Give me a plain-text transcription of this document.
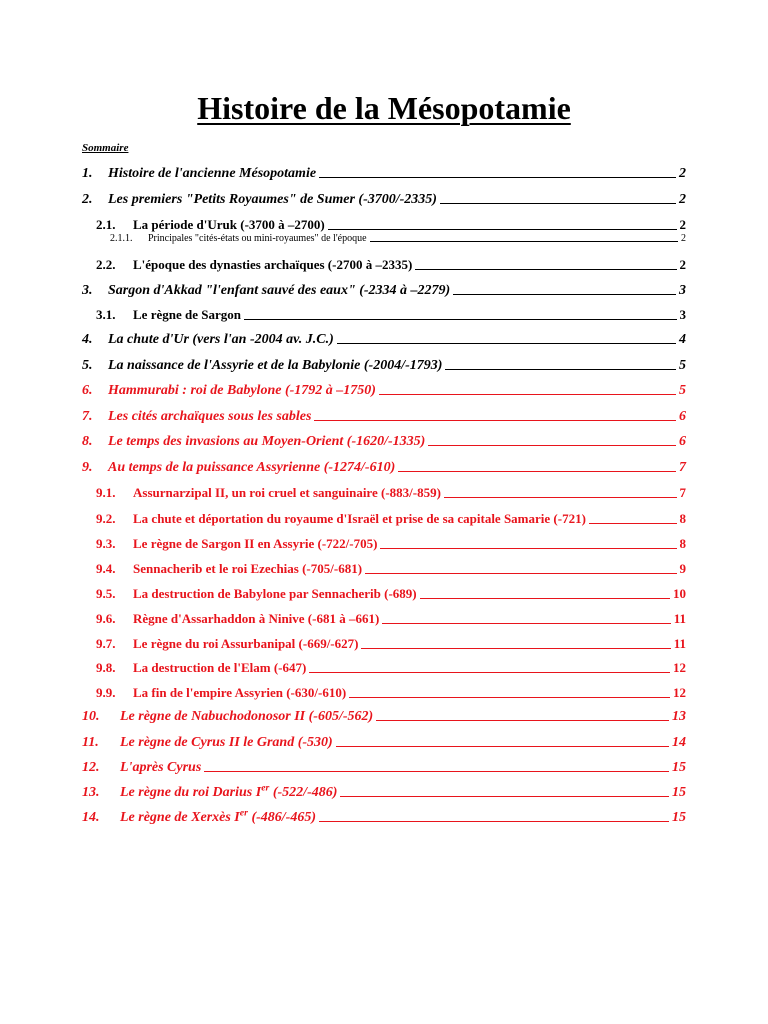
Histoire de la Mésopotamie
Sommaire
1.	Histoire de l'ancienne Mésopotamie	2
2.	Les premiers "Petits Royaumes" de Sumer (-3700/-2335)	2
2.1.	La période d'Uruk (-3700 à –2700)	2
2.1.1.	Principales "cités-états ou mini-royaumes" de l'époque	2
2.2.	L'époque des dynasties archaïques (-2700 à –2335)	2
3.	Sargon d'Akkad "l'enfant sauvé des eaux" (-2334 à –2279)	3
3.1.	Le règne de Sargon	3
4.	La chute d'Ur (vers l'an -2004 av. J.C.)	4
5.	La naissance de l'Assyrie et de la Babylonie (-2004/-1793)	5
6.	Hammurabi : roi de Babylone (-1792 à –1750)	5
7.	Les cités archaïques sous les sables	6
8.	Le temps des invasions au Moyen-Orient (-1620/-1335)	6
9.	Au temps de la puissance Assyrienne (-1274/-610)	7
9.1.	Assurnarzipal II, un roi cruel et sanguinaire (-883/-859)	7
9.2.	La chute et déportation du royaume d'Israël et prise de sa capitale Samarie (-721)	8
9.3.	Le règne de Sargon II en Assyrie (-722/-705)	8
9.4.	Sennacherib et le roi Ezechias (-705/-681)	9
9.5.	La destruction de Babylone par Sennacherib (-689)	10
9.6.	Règne d'Assarhaddon à Ninive (-681 à –661)	11
9.7.	Le règne du roi Assurbanipal (-669/-627)	11
9.8.	La destruction de l'Elam (-647)	12
9.9.	La fin de l'empire Assyrien (-630/-610)	12
10.	Le règne de Nabuchodonosor II (-605/-562)	13
11.	Le règne de Cyrus II le Grand (-530)	14
12.	L'après Cyrus	15
13.	Le règne du roi Darius Ier (-522/-486)	15
14.	Le règne de Xerxès Ier (-486/-465)	15
